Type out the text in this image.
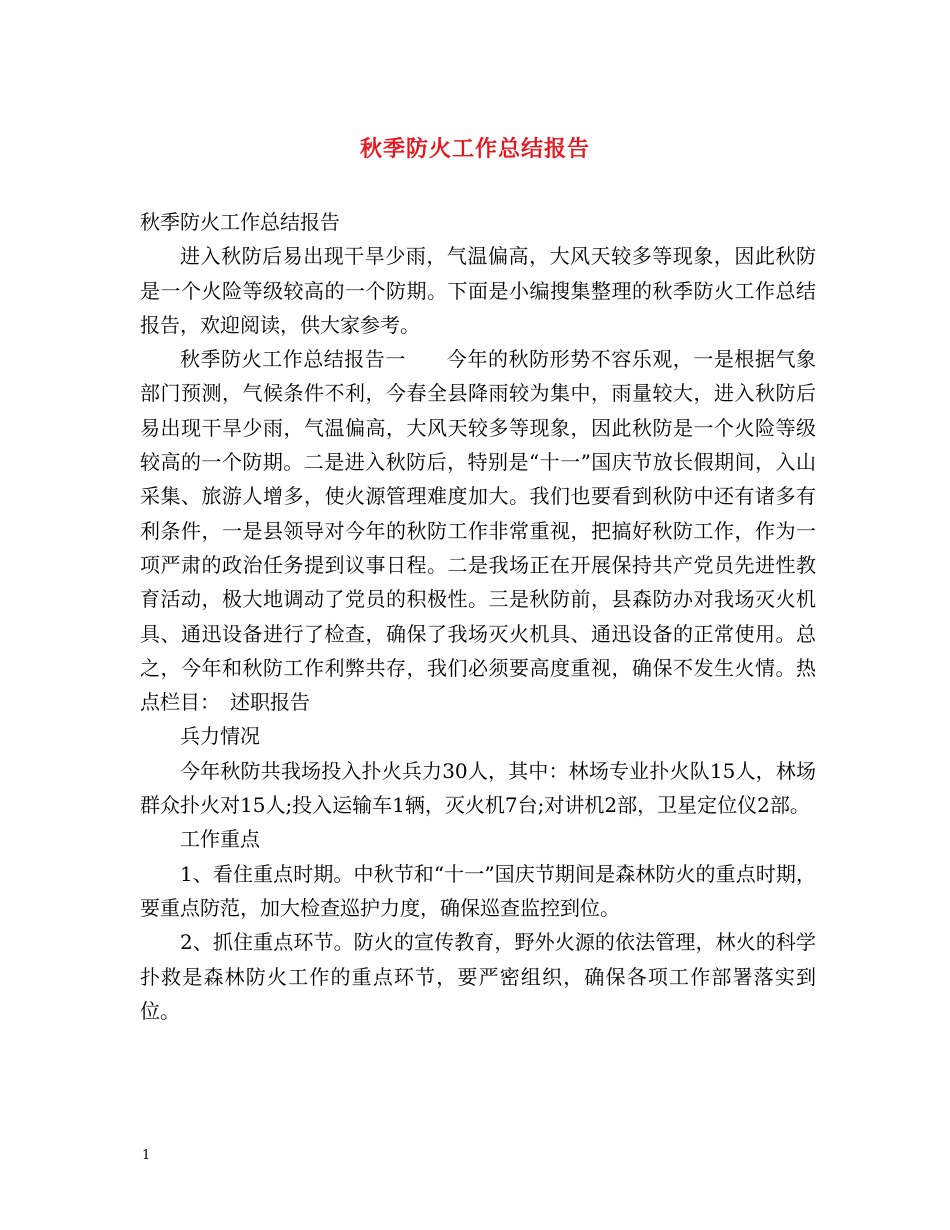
秋季防火工作总结报告

秋季防火工作总结报告

进入秋防后易出现干旱少雨，气温偏高，大风天较多等现象，因此秋防是一个火险等级较高的一个防期。下面是小编搜集整理的秋季防火工作总结报告，欢迎阅读，供大家参考。

秋季防火工作总结报告一　　今年的秋防形势不容乐观，一是根据气象部门预测，气候条件不利，今春全县降雨较为集中，雨量较大，进入秋防后易出现干旱少雨，气温偏高，大风天较多等现象，因此秋防是一个火险等级较高的一个防期。二是进入秋防后，特别是“十一”国庆节放长假期间，入山采集、旅游人增多，使火源管理难度加大。我们也要看到秋防中还有诸多有利条件，一是县领导对今年的秋防工作非常重视，把搞好秋防工作，作为一项严肃的政治任务提到议事日程。二是我场正在开展保持共产党员先进性教育活动，极大地调动了党员的积极性。三是秋防前，县森防办对我场灭火机具、通迅设备进行了检查，确保了我场灭火机具、通迅设备的正常使用。总之，今年和秋防工作利弊共存，我们必须要高度重视，确保不发生火情。热点栏目：　述职报告

兵力情况

今年秋防共我场投入扑火兵力30人，其中：林场专业扑火队15人，林场群众扑火对15人;投入运输车1辆，灭火机7台;对讲机2部，卫星定位仪2部。

工作重点

1、看住重点时期。中秋节和“十一”国庆节期间是森林防火的重点时期，要重点防范，加大检查巡护力度，确保巡查监控到位。

2、抓住重点环节。防火的宣传教育，野外火源的依法管理，林火的科学扑救是森林防火工作的重点环节，要严密组织，确保各项工作部署落实到位。

1
